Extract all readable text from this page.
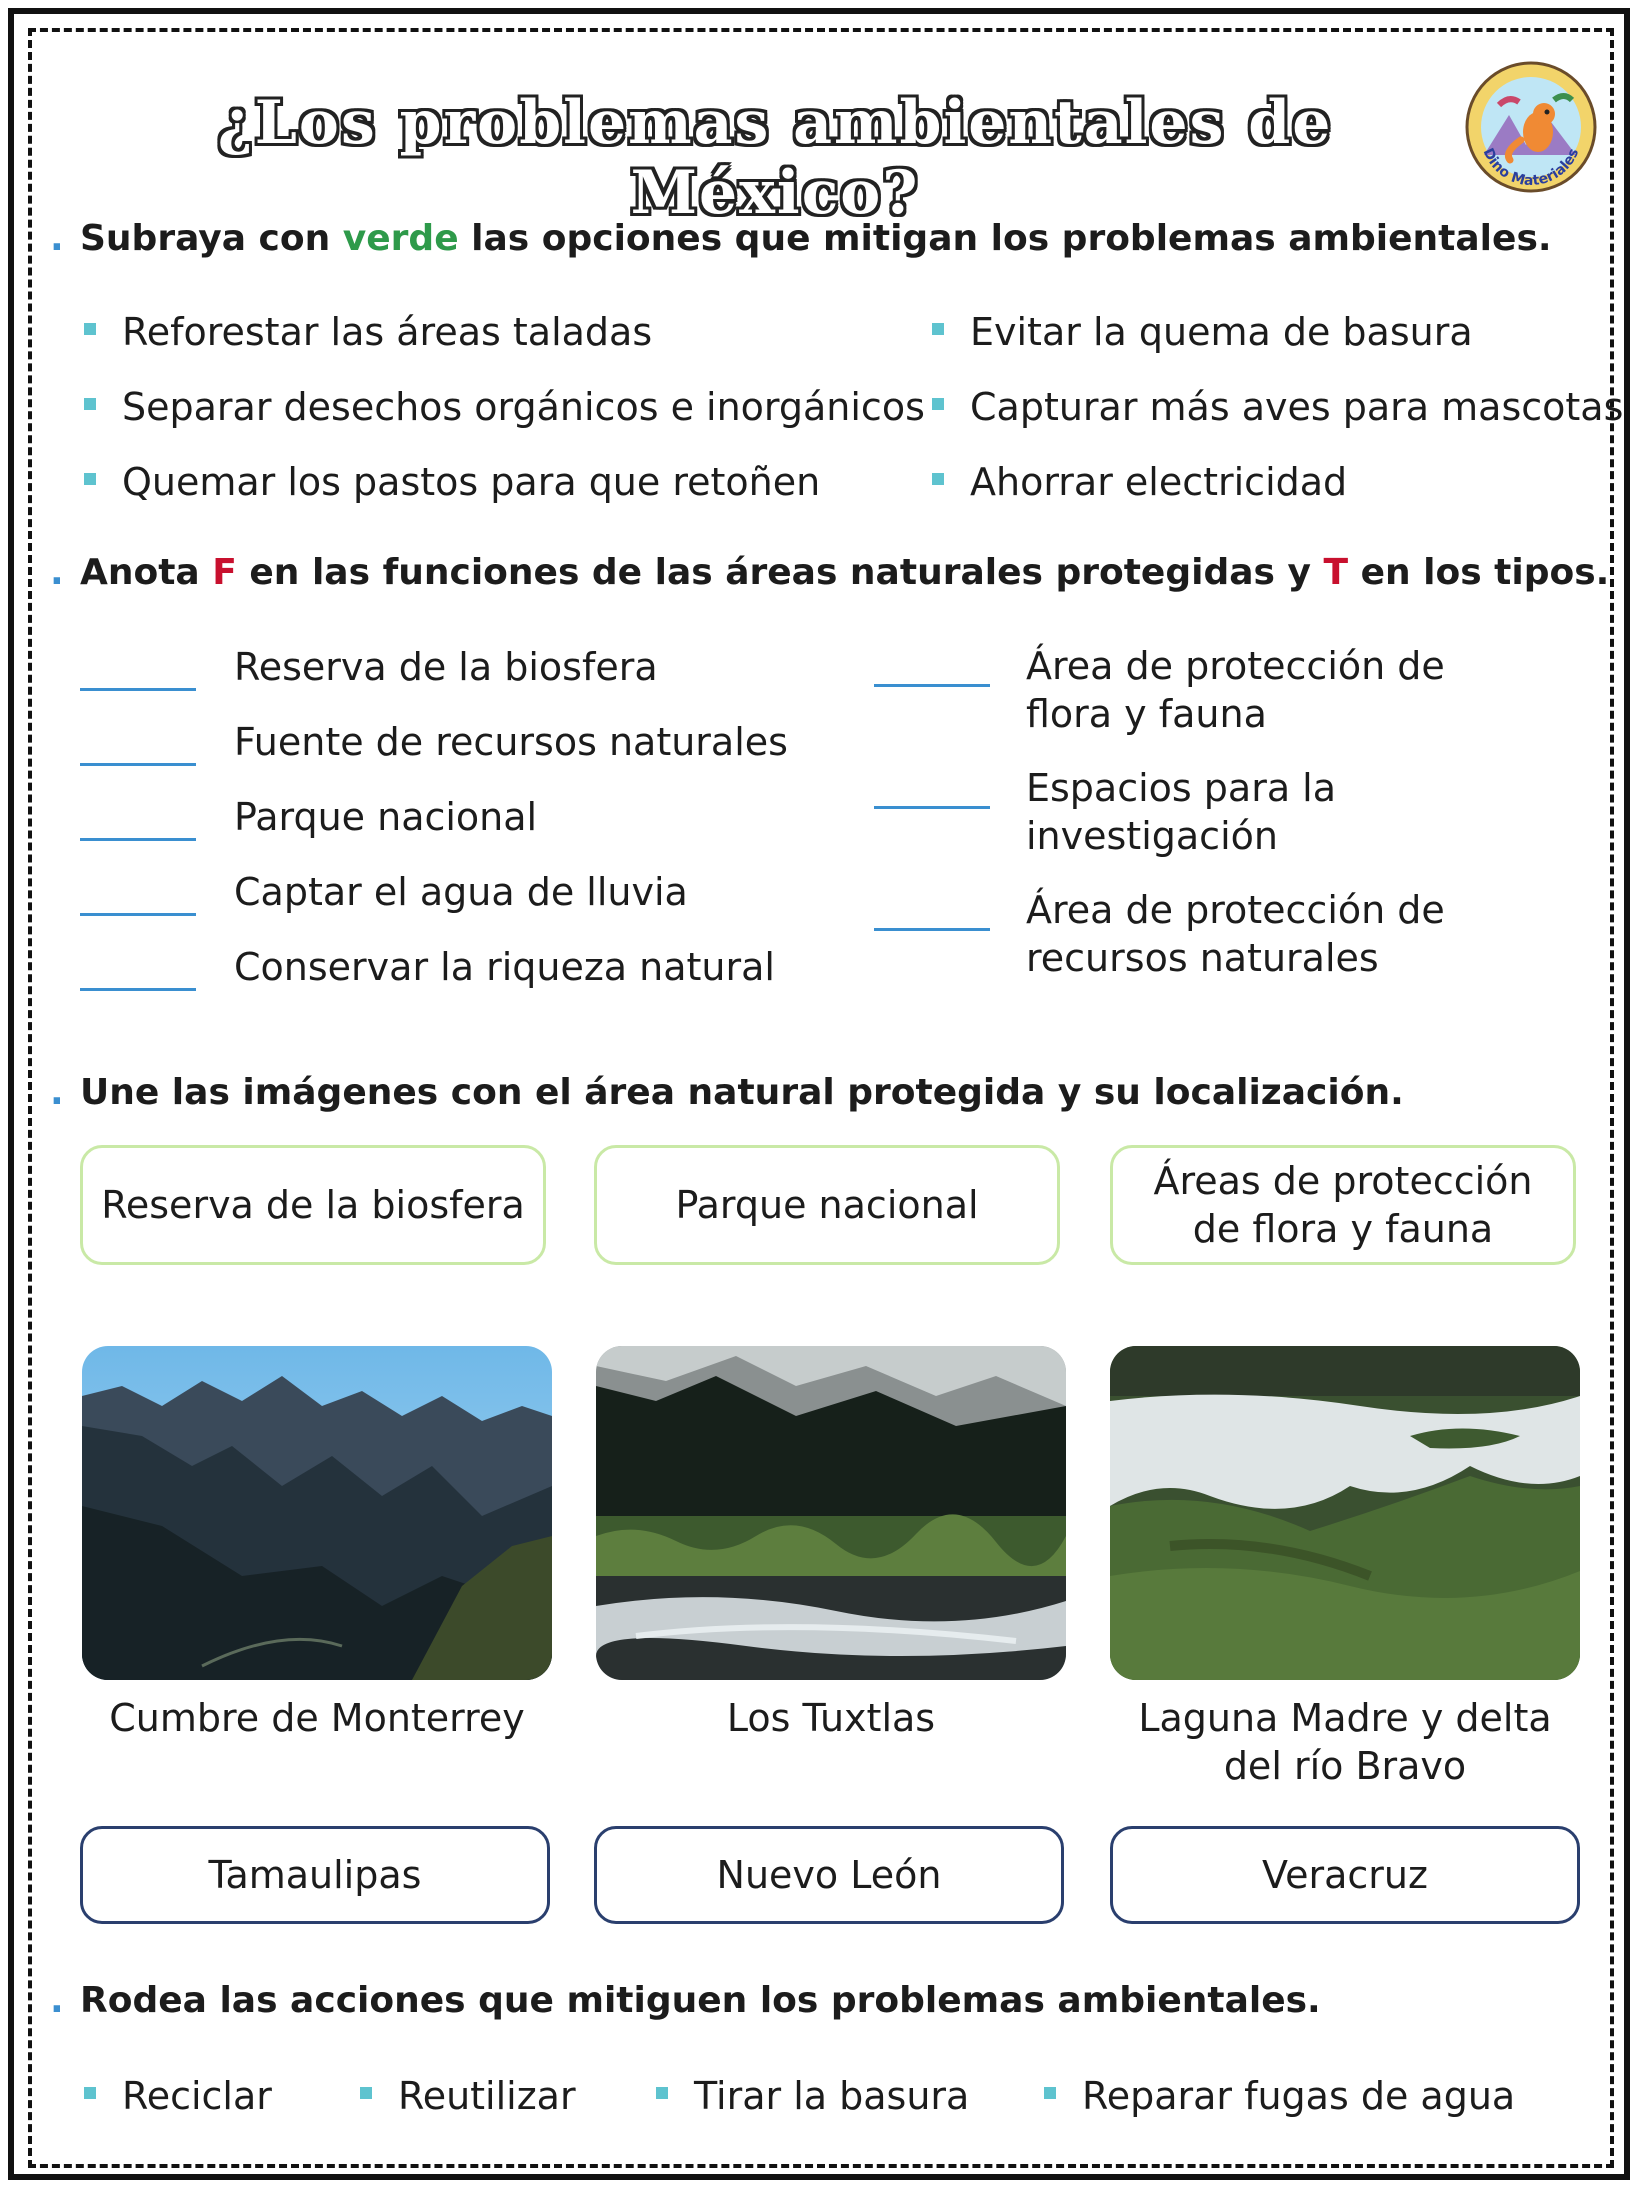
¿Los problemas ambientales de México?
Dino Materiales
. Subraya con verde las opciones que mitigan los problemas ambientales.
Reforestar las áreas taladas
Separar desechos orgánicos e inorgánicos
Quemar los pastos para que retoñen
Evitar la quema de basura
Capturar más aves para mascotas
Ahorrar electricidad
. Anota F en las funciones de las áreas naturales protegidas y T en los tipos.
Reserva de la biosfera
Fuente de recursos naturales
Parque nacional
Captar el agua de lluvia
Conservar la riqueza natural
Área de protección de
flora y fauna
Espacios para la
investigación
Área de protección de
recursos naturales
. Une las imágenes con el área natural protegida y su localización.
Reserva de la biosfera	Parque nacional
Áreas de protección
de flora y fauna
Cumbre de Monterrey	Los Tuxtlas	Laguna Madre y delta
del río Bravo
Tamaulipas	Nuevo León	Veracruz
. Rodea las acciones que mitiguen los problemas ambientales.
Reciclar	Reutilizar	Tirar la basura	Reparar fugas de agua
